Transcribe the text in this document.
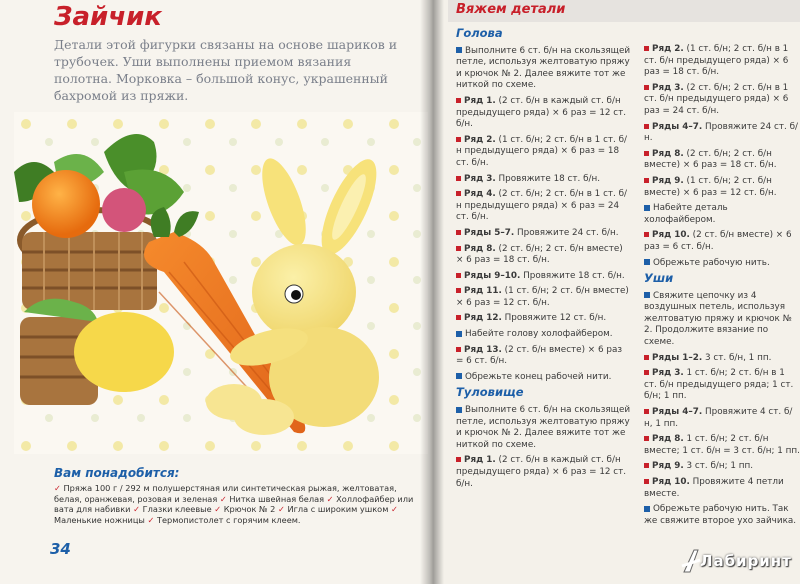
Зайчик

Детали этой фигурки связаны на основе шариков и трубочек. Уши выполнены приемом вязания полотна. Морковка – большой конус, украшенный бахромой из пряжи.

Вам понадобится:

✓ Пряжа 100 г / 292 м полушерстяная или синтетическая рыжая, желтоватая, белая, оранжевая, розовая и зеленая ✓ Нитка швейная белая ✓ Холлофайбер или вата для набивки ✓ Глазки клеевые ✓ Крючок № 2 ✓ Игла с широким ушком ✓ Маленькие ножницы ✓ Термопистолет с горячим клеем.

34
Вяжем детали
Голова
Выполните 6 ст. б/н на скользящей петле, используя желтоватую пряжу и крючок № 2. Далее вяжите тот же ниткой по схеме.
Ряд 1. (2 ст. б/н в каждый ст. б/н предыдущего ряда) × 6 раз = 12 ст. б/н.
Ряд 2. (1 ст. б/н; 2 ст. б/н в 1 ст. б/н предыдущего ряда) × 6 раз = 18 ст. б/н.
Ряд 3. Провяжите 18 ст. б/н.
Ряд 4. (2 ст. б/н; 2 ст. б/н в 1 ст. б/н предыдущего ряда) × 6 раз = 24 ст. б/н.
Ряды 5–7. Провяжите 24 ст. б/н.
Ряд 8. (2 ст. б/н; 2 ст. б/н вместе) × 6 раз = 18 ст. б/н.
Ряды 9–10. Провяжите 18 ст. б/н.
Ряд 11. (1 ст. б/н; 2 ст. б/н вместе) × 6 раз = 12 ст. б/н.
Ряд 12. Провяжите 12 ст. б/н.
Набейте голову холофайбером.
Ряд 13. (2 ст. б/н вместе) × 6 раз = 6 ст. б/н.
Обрежьте конец рабочей нити.
Туловище
Выполните 6 ст. б/н на скользящей петле, используя желтоватую пряжу и крючок № 2. Далее вяжите тот же ниткой по схеме.
Ряд 1. (2 ст. б/н в каждый ст. б/н предыдущего ряда) × 6 раз = 12 ст. б/н.
Ряд 2. (1 ст. б/н; 2 ст. б/н в 1 ст. б/н предыдущего ряда) × 6 раз = 18 ст. б/н.
Ряд 3. (2 ст. б/н; 2 ст. б/н в 1 ст. б/н предыдущего ряда) × 6 раз = 24 ст. б/н.
Ряды 4–7. Провяжите 24 ст. б/н.
Ряд 8. (2 ст. б/н; 2 ст. б/н вместе) × 6 раз = 18 ст. б/н.
Ряд 9. (1 ст. б/н; 2 ст. б/н вместе) × 6 раз = 12 ст. б/н.
Набейте деталь холофайбером.
Ряд 10. (2 ст. б/н вместе) × 6 раз = 6 ст. б/н.
Обрежьте рабочую нить.
Уши
Свяжите цепочку из 4 воздушных петель, используя желтоватую пряжу и крючок № 2. Продолжите вязание по схеме.
Ряды 1–2. 3 ст. б/н, 1 пп.
Ряд 3. 1 ст. б/н; 2 ст. б/н в 1 ст. б/н предыдущего ряда; 1 ст. б/н; 1 пп.
Ряды 4–7. Провяжите 4 ст. б/н, 1 пп.
Ряд 8. 1 ст. б/н; 2 ст. б/н вместе; 1 ст. б/н = 3 ст. б/н; 1 пп.
Ряд 9. 3 ст. б/н; 1 пп.
Ряд 10. Провяжите 4 петли вместе.
Обрежьте рабочую нить. Так же свяжите второе ухо зайчика.
Лабиринт
